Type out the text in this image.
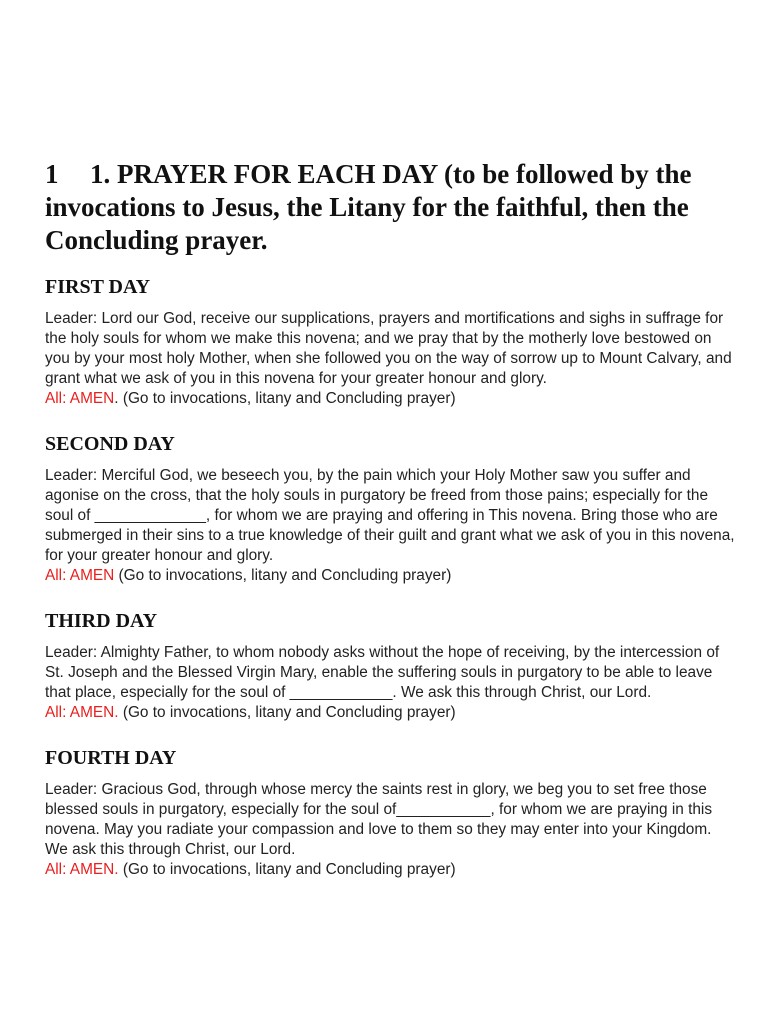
1 1. PRAYER FOR EACH DAY (to be followed by the invocations to Jesus, the Litany for the faithful, then the Concluding prayer.
FIRST DAY

Leader: Lord our God, receive our supplications, prayers and mortifications and sighs in suffrage for the holy souls for whom we make this novena; and we pray that by the motherly love bestowed on you by your most holy Mother, when she followed you on the way of sorrow up to Mount Calvary, and grant what we ask of you in this novena for your greater honour and glory.
All: AMEN. (Go to invocations, litany and Concluding prayer)

SECOND DAY

Leader: Merciful God, we beseech you, by the pain which your Holy Mother saw you suffer and agonise on the cross, that the holy souls in purgatory be freed from those pains; especially for the soul of _____________, for whom we are praying and offering in This novena. Bring those who are submerged in their sins to a true knowledge of their guilt and grant what we ask of you in this novena, for your greater honour and glory.
All: AMEN (Go to invocations, litany and Concluding prayer)

THIRD DAY

Leader: Almighty Father, to whom nobody asks without the hope of receiving, by the intercession of St. Joseph and the Blessed Virgin Mary, enable the suffering souls in purgatory to be able to leave that place, especially for the soul of ____________. We ask this through Christ, our Lord.
All: AMEN. (Go to invocations, litany and Concluding prayer)

FOURTH DAY

Leader: Gracious God, through whose mercy the saints rest in glory, we beg you to set free those blessed souls in purgatory, especially for the soul of___________, for whom we are praying in this novena. May you radiate your compassion and love to them so they may enter into your Kingdom. We ask this through Christ, our Lord.
All: AMEN. (Go to invocations, litany and Concluding prayer)
